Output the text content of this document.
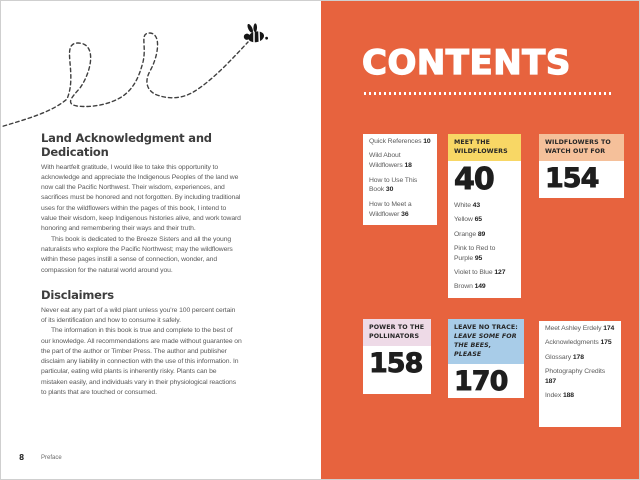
Land Acknowledgment and Dedication

With heartfelt gratitude, I would like to take this opportunity to acknowledge and appreciate the Indigenous Peoples of the land we now call the Pacific Northwest. Their wisdom, experiences, and sacrifices must be honored and not forgotten. By including traditional uses for the wildflowers within the pages of this book, I intend to value their wisdom, keep Indigenous histories alive, and work toward honoring and remembering their ways and their truth.

This book is dedicated to the Breeze Sisters and all the young naturalists who explore the Pacific Northwest; may the wildflowers within these pages instill a sense of connection, wonder, and compassion for the natural world around you.

Disclaimers

Never eat any part of a wild plant unless you're 100 percent certain of its identification and how to consume it safely.

The information in this book is true and complete to the best of our knowledge. All recommendations are made without guarantee on the part of the author or Timber Press. The author and publisher disclaim any liability in connection with the use of this information. In particular, eating wild plants is inherently risky. Plants can be mistaken easily, and individuals vary in their physiological reactions to plants that are touched or consumed.

8	Preface
CONTENTS
Quick References 10
Wild About Wildflowers 18
How to Use This Book 30
How to Meet a Wildflower 36
MEET THE WILDFLOWERS
40
White 43
Yellow 65
Orange 89
Pink to Red to Purple 95
Violet to Blue 127
Brown 149
WILDFLOWERS TO WATCH OUT FOR
154
POWER TO THE POLLINATORS
158
LEAVE NO TRACE:
LEAVE SOME FOR THE BEES, PLEASE
170
Meet Ashley Erdely 174
Acknowledgments 175
Glossary 178
Photography Credits 187
Index 188
